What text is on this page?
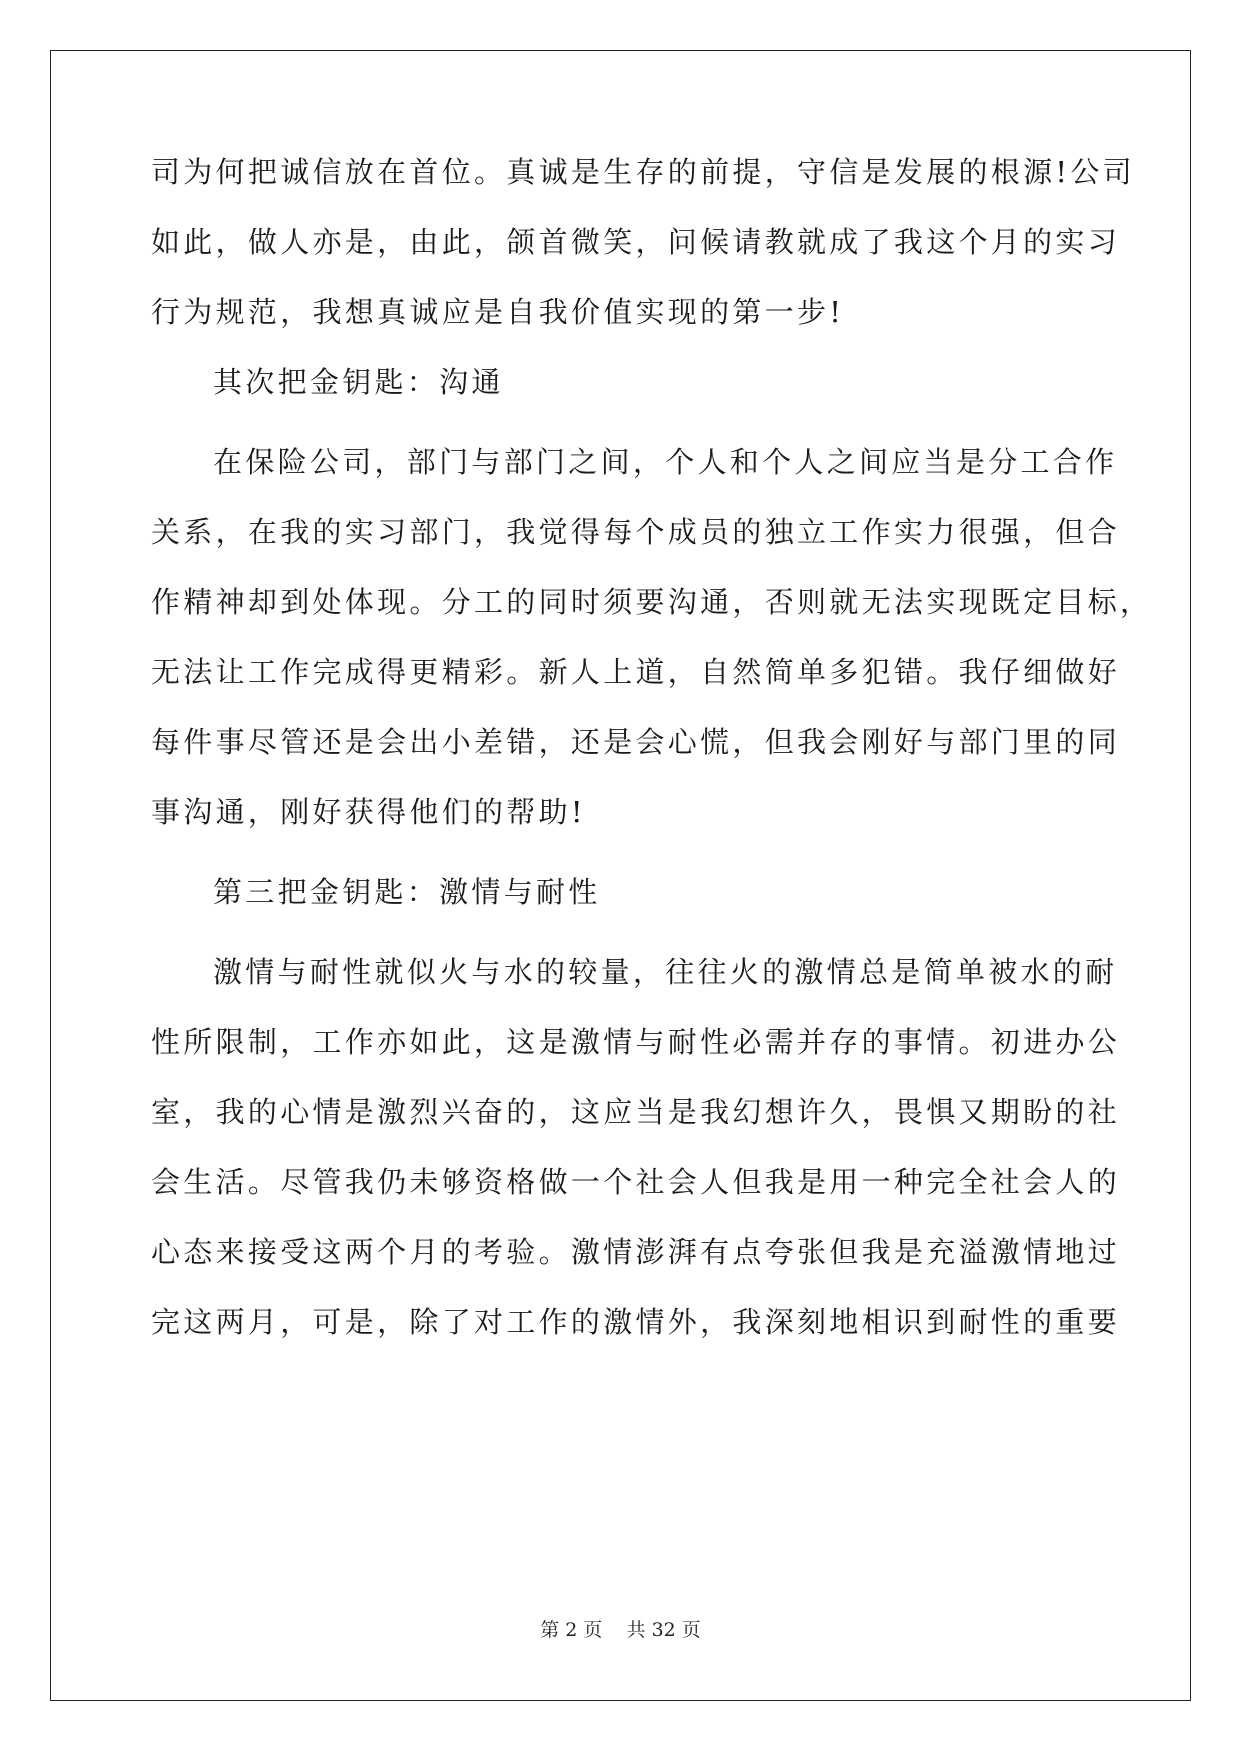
司为何把诚信放在首位。真诚是生存的前提，守信是发展的根源!公司
如此，做人亦是，由此，颌首微笑，问候请教就成了我这个月的实习
行为规范，我想真诚应是自我价值实现的第一步!
其次把金钥匙：沟通
在保险公司，部门与部门之间，个人和个人之间应当是分工合作
关系，在我的实习部门，我觉得每个成员的独立工作实力很强，但合
作精神却到处体现。分工的同时须要沟通，否则就无法实现既定目标，
无法让工作完成得更精彩。新人上道，自然简单多犯错。我仔细做好
每件事尽管还是会出小差错，还是会心慌，但我会刚好与部门里的同
事沟通，刚好获得他们的帮助!
第三把金钥匙：激情与耐性
激情与耐性就似火与水的较量，往往火的激情总是简单被水的耐
性所限制，工作亦如此，这是激情与耐性必需并存的事情。初进办公
室，我的心情是激烈兴奋的，这应当是我幻想许久，畏惧又期盼的社
会生活。尽管我仍未够资格做一个社会人但我是用一种完全社会人的
心态来接受这两个月的考验。激情澎湃有点夸张但我是充溢激情地过
完这两月，可是，除了对工作的激情外，我深刻地相识到耐性的重要
第 2 页    共 32 页
